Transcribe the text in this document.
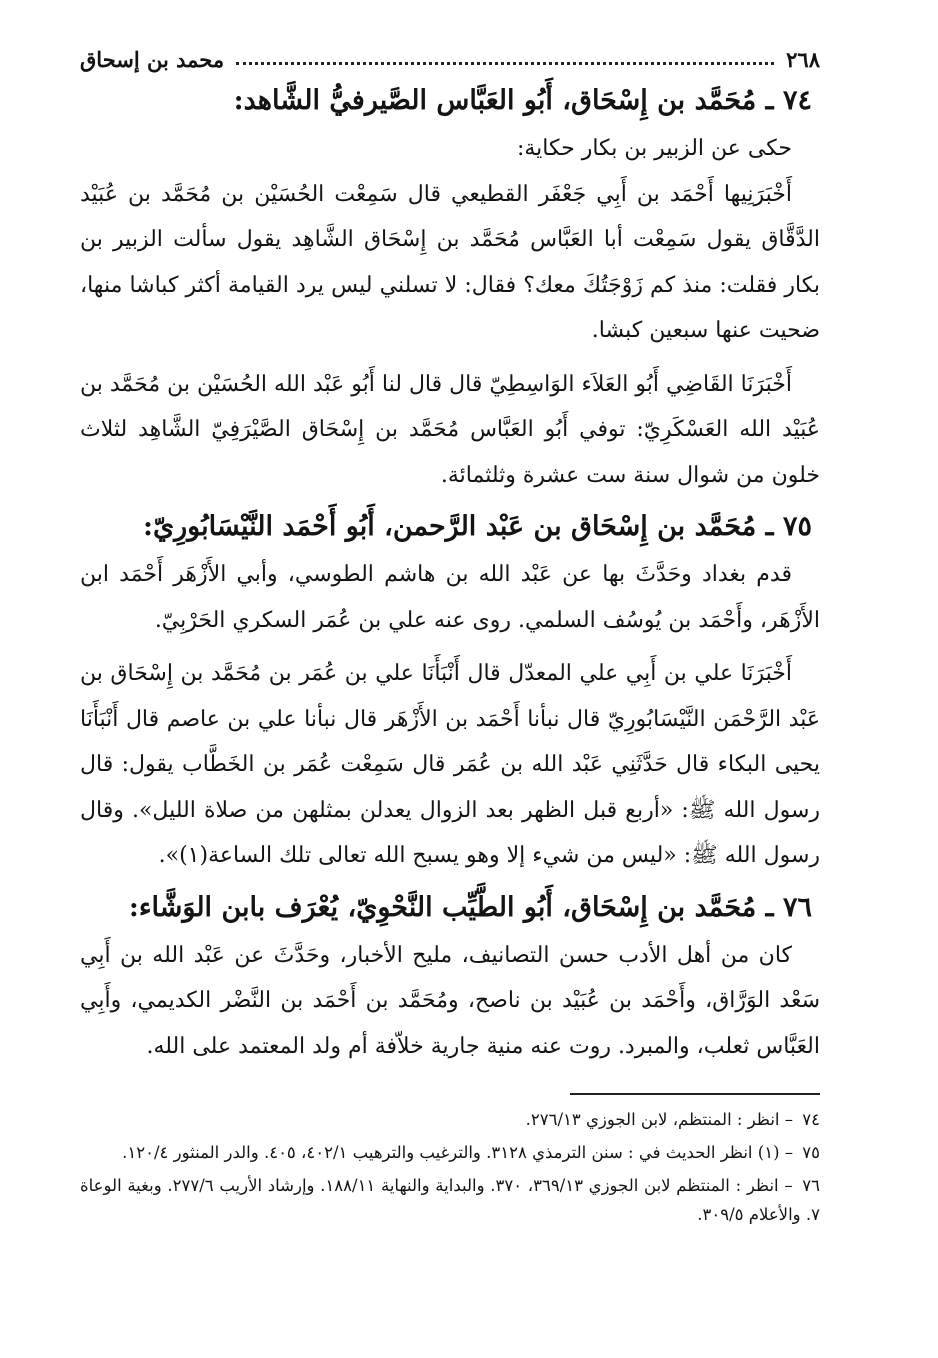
٢٦٨
محمد بن إسحاق
٧٤ ـ مُحَمَّد بن إِسْحَاق، أَبُو العَبَّاس الصَّيرفيُّ الشَّاهد:

حكى عن الزبير بن بكار حكاية:

أَخْبَرَنِيها أَحْمَد بن أَبِي جَعْفَر القطيعي قال سَمِعْت الحُسَيْن بن مُحَمَّد بن عُبَيْد الدَّقَّاق يقول سَمِعْت أبا العَبَّاس مُحَمَّد بن إِسْحَاق الشَّاهِد يقول سألت الزبير بن بكار فقلت: منذ كم زَوْجَتُكَ معك؟ فقال: لا تسلني ليس يرد القيامة أكثر كباشا منها، ضحيت عنها سبعين كبشا.

أَخْبَرَنَا القَاضِي أَبُو العَلاَء الوَاسِطِيّ قال قال لنا أَبُو عَبْد الله الحُسَيْن بن مُحَمَّد بن عُبَيْد الله العَسْكَرِيّ: توفي أَبُو العَبَّاس مُحَمَّد بن إِسْحَاق الصَّيْرَفِيّ الشَّاهِد لثلاث خلون من شوال سنة ست عشرة وثلثمائة.

٧٥ ـ مُحَمَّد بن إِسْحَاق بن عَبْد الرَّحمن، أَبُو أَحْمَد النَّيْسَابُورِيّ:

قدم بغداد وحَدَّثَ بها عن عَبْد الله بن هاشم الطوسي، وأبي الأَزْهَر أَحْمَد ابن الأَزْهَر، وأَحْمَد بن يُوسُف السلمي. روى عنه علي بن عُمَر السكري الحَرْبِيّ.

أَخْبَرَنَا علي بن أَبِي علي المعدّل قال أَنْبَأَنَا علي بن عُمَر بن مُحَمَّد بن إِسْحَاق بن عَبْد الرَّحْمَن النَّيْسَابُورِيّ قال نبأنا أَحْمَد بن الأَزْهَر قال نبأنا علي بن عاصم قال أَنْبَأَنَا يحيى البكاء قال حَدَّثَنِي عَبْد الله بن عُمَر قال سَمِعْت عُمَر بن الخَطَّاب يقول: قال رسول الله ﷺ: «أربع قبل الظهر بعد الزوال يعدلن بمثلهن من صلاة الليل». وقال رسول الله ﷺ: «ليس من شيء إلا وهو يسبح الله تعالى تلك الساعة(١)».

٧٦ ـ مُحَمَّد بن إِسْحَاق، أَبُو الطَّيِّب النَّحْوِيّ، يُعْرَف بابن الوَشَّاء:

كان من أهل الأدب حسن التصانيف، مليح الأخبار، وحَدَّثَ عن عَبْد الله بن أَبِي سَعْد الوَرَّاق، وأَحْمَد بن عُبَيْد بن ناصح، ومُحَمَّد بن أَحْمَد بن النَّضْر الكديمي، وأَبِي العَبَّاس ثعلب، والمبرد. روت عنه منية جارية خلاّفة أم ولد المعتمد على الله.

٧٤ – انظر : المنتظم، لابن الجوزي ٢٧٦/١٣.

٧٥ – (١) انظر الحديث في : سنن الترمذي ٣١٢٨. والترغيب والترهيب ٤٠٢/١، ٤٠٥. والدر المنثور ١٢٠/٤.

٧٦ – انظر : المنتظم لابن الجوزي ٣٦٩/١٣، ٣٧٠. والبداية والنهاية ١٨٨/١١. وإرشاد الأريب ٢٧٧/٦. وبغية الوعاة ٧. والأعلام ٣٠٩/٥.
